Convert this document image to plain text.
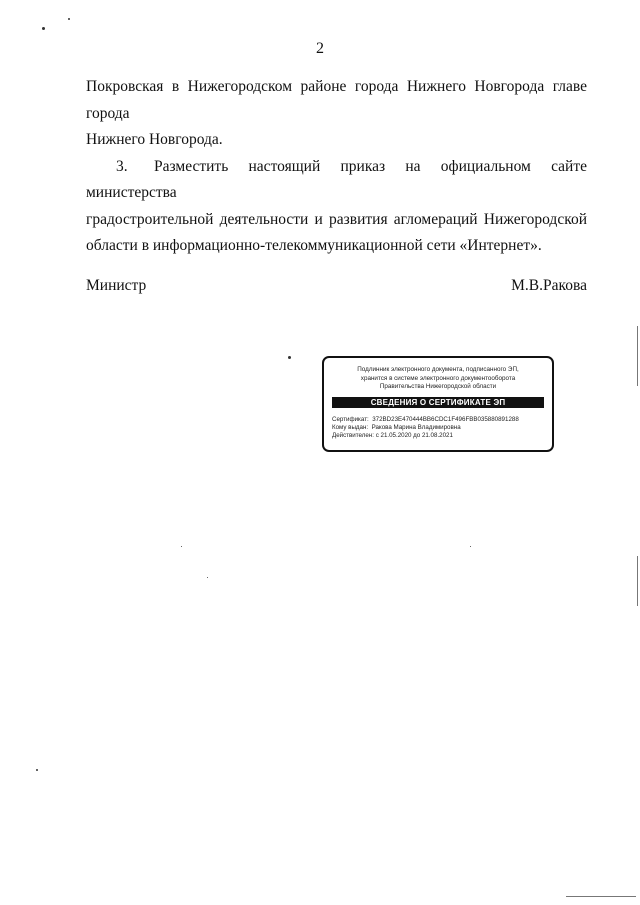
2
Покровская в Нижегородском районе города Нижнего Новгорода главе города
Нижнего Новгорода.
3. Разместить настоящий приказ на официальном сайте министерства
градостроительной деятельности и развития агломераций Нижегородской
области в информационно-телекоммуникационной сети «Интернет».
Министр	М.В.Ракова
Подлинник электронного документа, подписанного ЭП,
хранится в системе электронного документооборота
Правительства Нижегородской области
СВЕДЕНИЯ О СЕРТИФИКАТЕ ЭП
Сертификат: 372BD23E470444BB6CDC1F496FBB035880891288
Кому выдан: Ракова Марина Владимировна
Действителен: с 21.05.2020 до 21.08.2021
